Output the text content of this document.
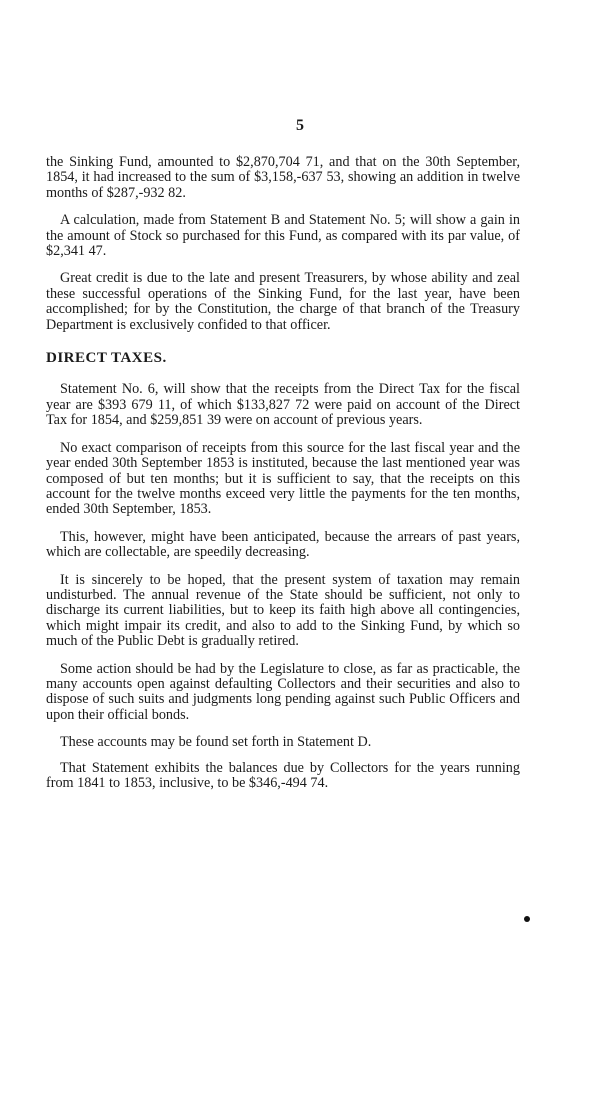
5

the Sinking Fund, amounted to $2,870,704 71, and that on the 30th September, 1854, it had increased to the sum of $3,158,-637 53, showing an addition in twelve months of $287,-932 82.

A calculation, made from Statement B and Statement No. 5; will show a gain in the amount of Stock so purchased for this Fund, as compared with its par value, of $2,341 47.

Great credit is due to the late and present Treasurers, by whose ability and zeal these successful operations of the Sinking Fund, for the last year, have been accomplished; for by the Constitution, the charge of that branch of the Treasury Department is exclusively confided to that officer.

DIRECT TAXES.

Statement No. 6, will show that the receipts from the Direct Tax for the fiscal year are $393 679 11, of which $133,827 72 were paid on account of the Direct Tax for 1854, and $259,851 39 were on account of previous years.

No exact comparison of receipts from this source for the last fiscal year and the year ended 30th September 1853 is instituted, because the last mentioned year was composed of but ten months; but it is sufficient to say, that the receipts on this account for the twelve months exceed very little the payments for the ten months, ended 30th September, 1853.

This, however, might have been anticipated, because the arrears of past years, which are collectable, are speedily decreasing.

It is sincerely to be hoped, that the present system of taxation may remain undisturbed. The annual revenue of the State should be sufficient, not only to discharge its current liabilities, but to keep its faith high above all contingencies, which might impair its credit, and also to add to the Sinking Fund, by which so much of the Public Debt is gradually retired.

Some action should be had by the Legislature to close, as far as practicable, the many accounts open against defaulting Collectors and their securities and also to dispose of such suits and judgments long pending against such Public Officers and upon their official bonds.

These accounts may be found set forth in Statement D.

That Statement exhibits the balances due by Collectors for the years running from 1841 to 1853, inclusive, to be $346,-494 74.
